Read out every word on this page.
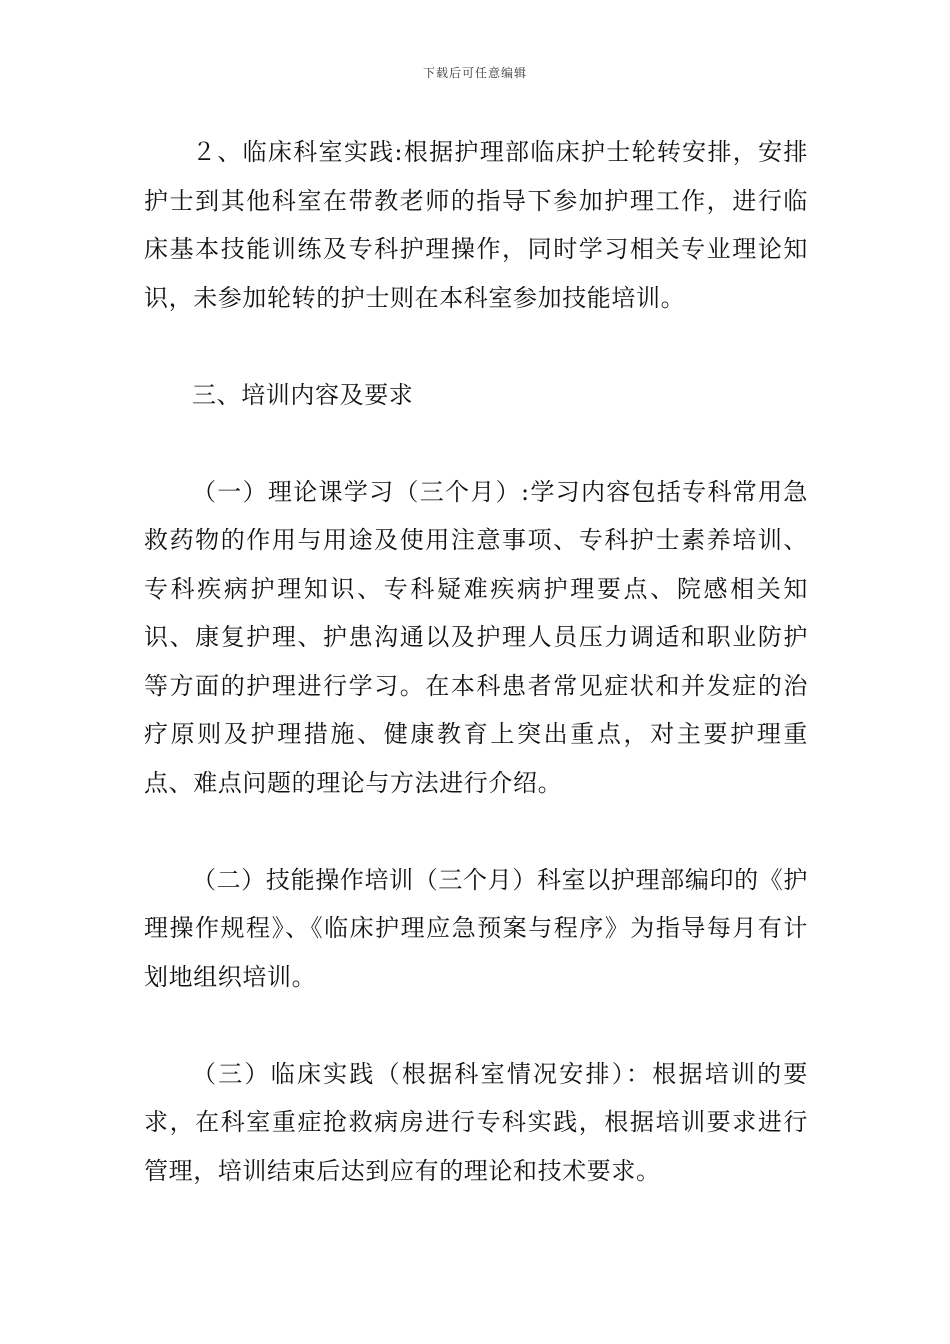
下载后可任意编辑

２、临床科室实践:根据护理部临床护士轮转安排，安排护士到其他科室在带教老师的指导下参加护理工作，进行临床基本技能训练及专科护理操作，同时学习相关专业理论知识，未参加轮转的护士则在本科室参加技能培训。

三、培训内容及要求

（一）理论课学习（三个月）:学习内容包括专科常用急救药物的作用与用途及使用注意事项、专科护士素养培训、专科疾病护理知识、专科疑难疾病护理要点、院感相关知识、康复护理、护患沟通以及护理人员压力调适和职业防护等方面的护理进行学习。在本科患者常见症状和并发症的治疗原则及护理措施、健康教育上突出重点，对主要护理重点、难点问题的理论与方法进行介绍。

（二）技能操作培训（三个月）科室以护理部编印的《护理操作规程》、《临床护理应急预案与程序》为指导每月有计划地组织培训。

（三）临床实践（根据科室情况安排）：根据培训的要求，在科室重症抢救病房进行专科实践，根据培训要求进行管理，培训结束后达到应有的理论和技术要求。
